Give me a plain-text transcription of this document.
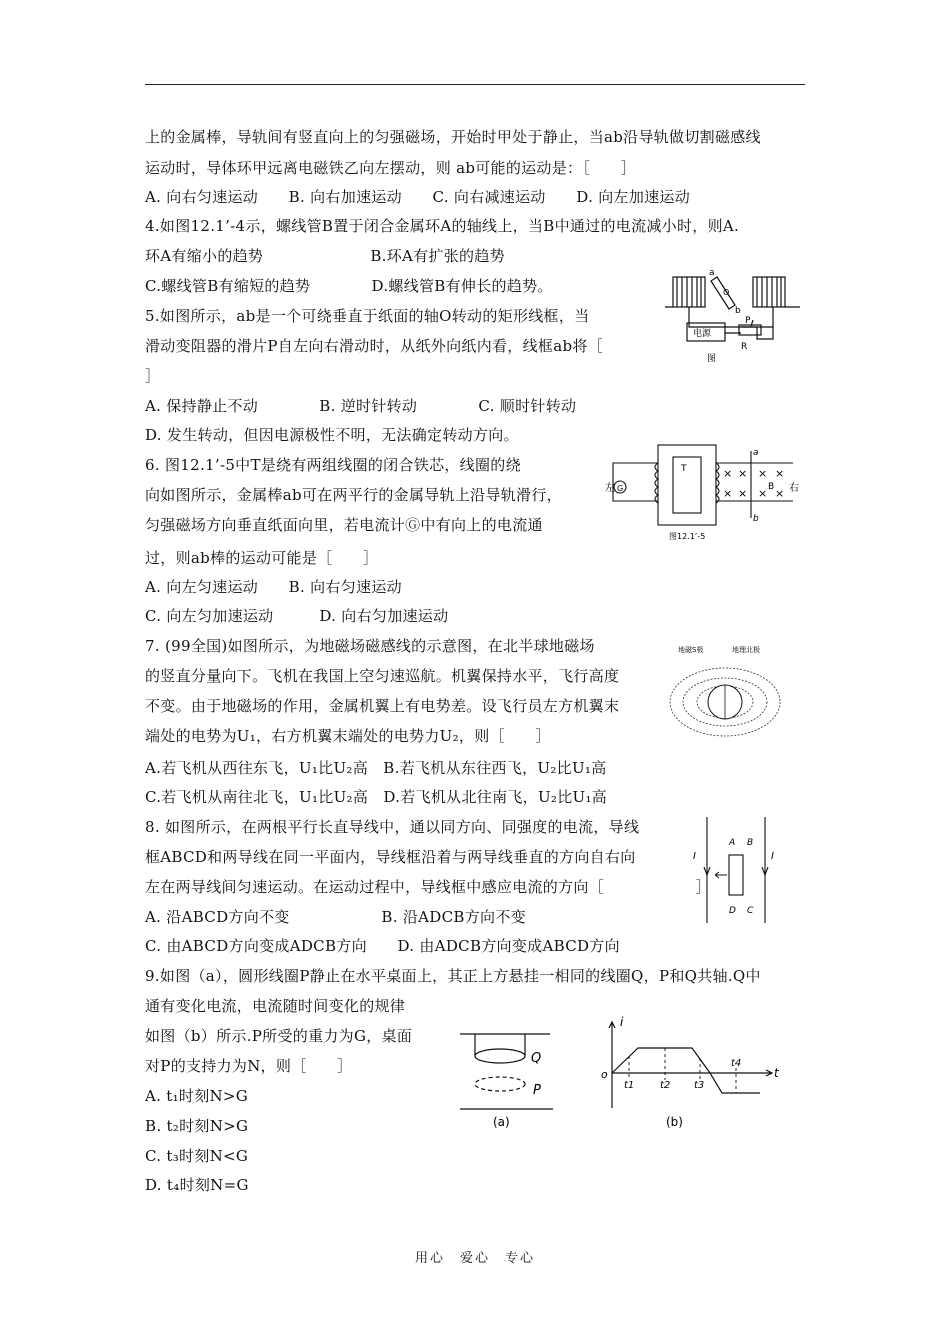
上的金属棒，导轨间有竖直向上的匀强磁场，开始时甲处于静止，当ab沿导轨做切割磁感线
运动时，导体环甲远离电磁铁乙向左摆动，则 ab可能的运动是：［　　］
A. 向右匀速运动　　B. 向右加速运动　　C. 向右减速运动　　D. 向左加速运动
4.如图12.1’-4示，螺线管B置于闭合金属环A的轴线上，当B中通过的电流减小时，则A.
环A有缩小的趋势　　　　　　　B.环A有扩张的趋势
C.螺线管B有缩短的趋势　　　　D.螺线管B有伸长的趋势。
5.如图所示，ab是一个可绕垂直于纸面的轴O转动的矩形线框，当
滑动变阻器的滑片P自左向右滑动时，从纸外向纸内看，线框ab将［
］
A. 保持静止不动　　　　B. 逆时针转动　　　　C. 顺时针转动
D. 发生转动，但因电源极性不明，无法确定转动方向。
6. 图12.1’-5中T是绕有两组线圈的闭合铁芯，线圈的绕
向如图所示，金属棒ab可在两平行的金属导轨上沿导轨滑行，
匀强磁场方向垂直纸面向里，若电流计Ⓖ中有向上的电流通
过，则ab棒的运动可能是［　　］
A. 向左匀速运动　　B. 向右匀速运动
C. 向左匀加速运动　　　D. 向右匀加速运动
7. (99全国)如图所示，为地磁场磁感线的示意图，在北半球地磁场
的竖直分量向下。飞机在我国上空匀速巡航。机翼保持水平，飞行高度
不变。由于地磁场的作用，金属机翼上有电势差。设飞行员左方机翼末
端处的电势为U₁，右方机翼末端处的电势力U₂，则［　　］
A.若飞机从西往东飞，U₁比U₂高　B.若飞机从东往西飞，U₂比U₁高
C.若飞机从南往北飞，U₁比U₂高　D.若飞机从北往南飞，U₂比U₁高
8. 如图所示，在两根平行长直导线中，通以同方向、同强度的电流，导线
框ABCD和两导线在同一平面内，导线框沿着与两导线垂直的方向自右向
左在两导线间匀速运动。在运动过程中，导线框中感应电流的方向［　　　　　　］
A. 沿ABCD方向不变　　　　　　B. 沿ADCB方向不变
C. 由ABCD方向变成ADCB方向　　D. 由ADCB方向变成ABCD方向
9.如图（a），圆形线圈P静止在水平桌面上，其正上方悬挂一相同的线圈Q，P和Q共轴.Q中
通有变化电流，电流随时间变化的规律
如图（b）所示.P所受的重力为G，桌面
对P的支持力为N，则［　　］
A. t₁时刻N>G
B. t₂时刻N>G
C. t₃时刻N<G
D. t₄时刻N=G
电源
R
P
a
b
O
图
左 G	右
T
a
b
B
× × × ×
× × × ×
图12.1’-5
地磁S极	地理北极
I	I
A B
C
D
Q
P
(a)
i
t
o
t1	t2 t3
t4
(b)
用心　爱心　专心
